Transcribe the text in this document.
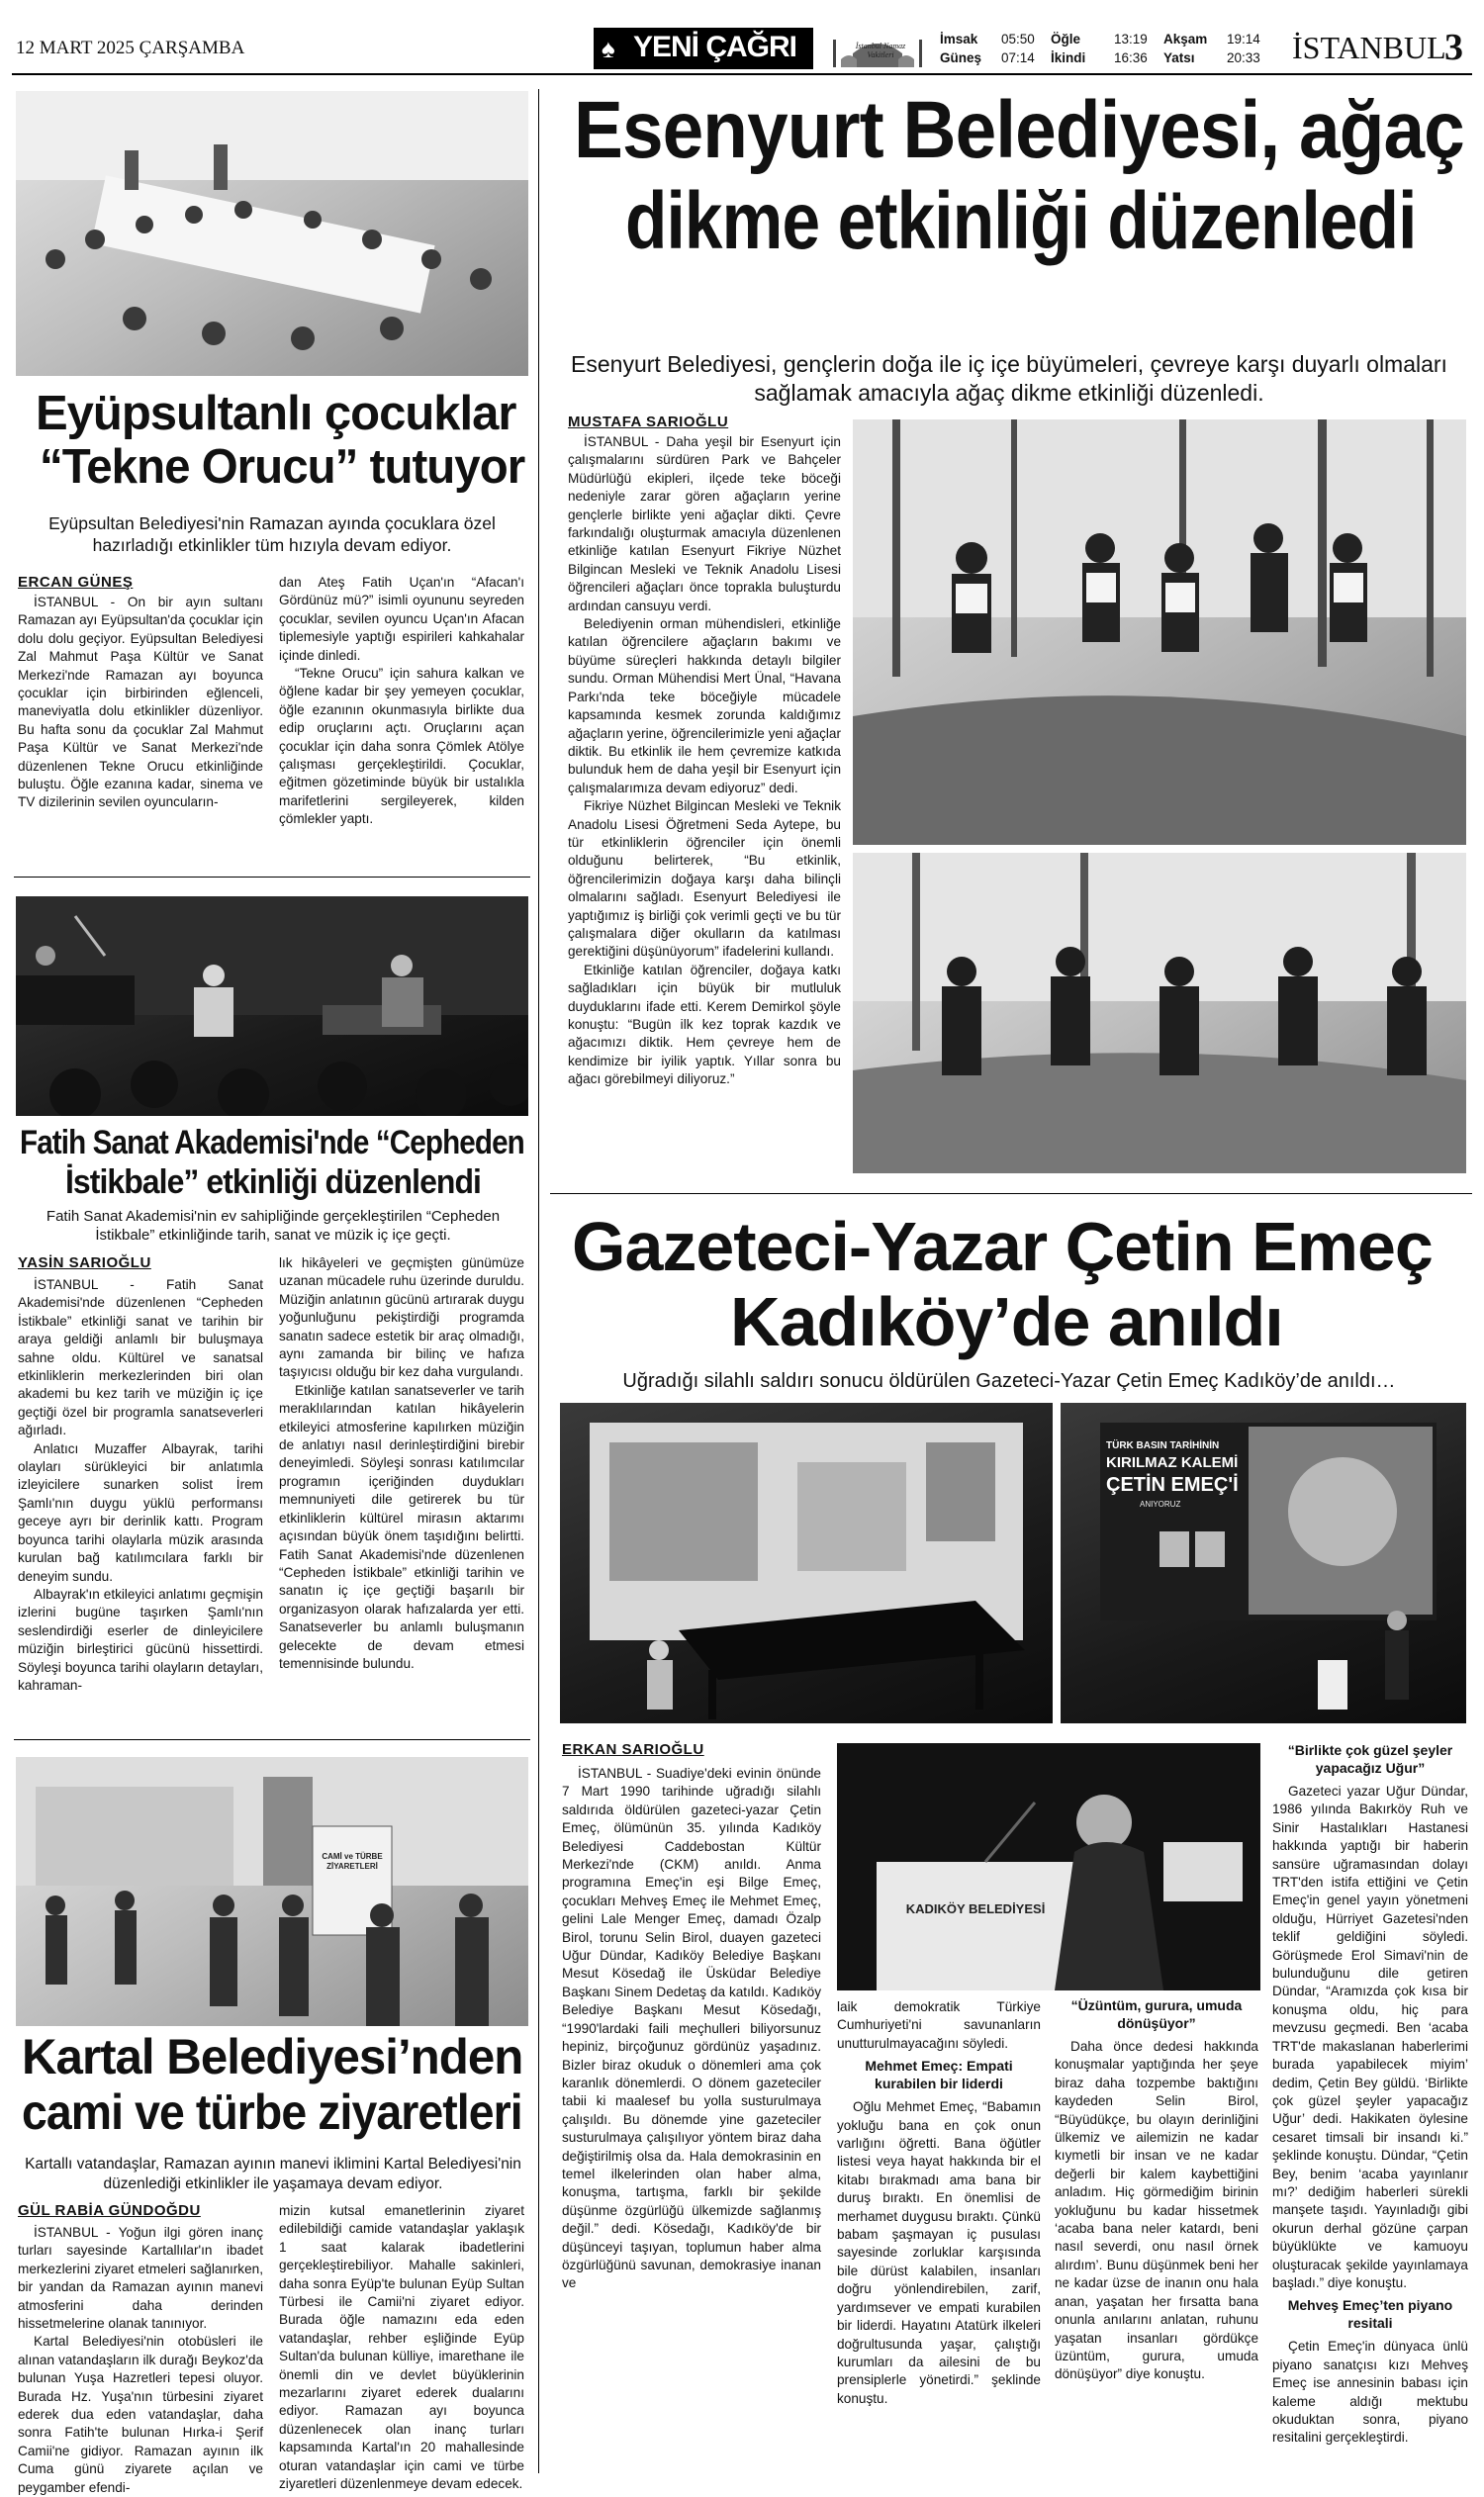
12 MART 2025 ÇARŞAMBA	♠ YENİ ÇAĞRI	İstanbul Namaz Vakitleri
İmsak 05:50 Öğle	13:19 Akşam 19:14
Güneş 07:14 İkindi 16:36 Yatsı 20:33 İSTANBUL
3
Eyüpsultanlı çocuklar
“Tekne Orucu” tutuyor
Eyüpsultan Belediyesi'nin Ramazan ayında çocuklara özel hazırladığı etkinlikler tüm hızıyla devam ediyor.
ERCAN GÜNEŞ

İSTANBUL - On bir ayın sultanı Ramazan ayı Eyüpsultan'da çocuklar için dolu dolu geçiyor. Eyüpsultan Belediyesi Zal Mahmut Paşa Kültür ve Sanat Merkezi'nde Ramazan ayı boyunca çocuklar için birbirinden eğlenceli, maneviyatla dolu etkinlikler düzenliyor. Bu hafta sonu da çocuklar Zal Mahmut Paşa Kültür ve Sanat Merkezi'nde düzenlenen Tekne Orucu etkinliğinde buluştu. Öğle ezanına kadar, sinema ve TV dizilerinin sevilen oyuncuların-

dan Ateş Fatih Uçan'ın “Afacan'ı Gördünüz mü?” isimli oyununu seyreden çocuklar, sevilen oyuncu Uçan'ın Afacan tiplemesiyle yaptığı espirileri kahkahalar içinde dinledi.

“Tekne Orucu” için sahura kalkan ve öğlene kadar bir şey yemeyen çocuklar, öğle ezanının okunmasıyla birlikte dua edip oruçlarını açtı. Oruçlarını açan çocuklar için daha sonra Çömlek Atölye çalışması gerçekleştirildi. Çocuklar, eğitmen gözetiminde büyük bir ustalıkla marifetlerini sergileyerek, kilden çömlekler yaptı.

Fatih Sanat Akademisi'nde “Cepheden
İstikbale” etkinliği düzenlendi
Fatih Sanat Akademisi'nin ev sahipliğinde gerçekleştirilen “Cepheden İstikbale” etkinliğinde tarih, sanat ve müzik iç içe geçti.
YASİN SARIOĞLU

İSTANBUL - Fatih Sanat Akademisi'nde düzenlenen “Cepheden İstikbale” etkinliği sanat ve tarihin bir araya geldiği anlamlı bir buluşmaya sahne oldu. Kültürel ve sanatsal etkinliklerin merkezlerinden biri olan akademi bu kez tarih ve müziğin iç içe geçtiği özel bir programla sanatseverleri ağırladı.

Anlatıcı Muzaffer Albayrak, tarihi olayları sürükleyici bir anlatımla izleyicilere sunarken solist İrem Şamlı'nın duygu yüklü performansı geceye ayrı bir derinlik kattı. Program boyunca tarihi olaylarla müzik arasında kurulan bağ katılımcılara farklı bir deneyim sundu.

Albayrak'ın etkileyici anlatımı geçmişin izlerini bugüne taşırken Şamlı'nın seslendirdiği eserler de dinleyicilere müziğin birleştirici gücünü hissettirdi. Söyleşi boyunca tarihi olayların detayları, kahraman-

lık hikâyeleri ve geçmişten günümüze uzanan mücadele ruhu üzerinde duruldu. Müziğin anlatının gücünü artırarak duygu yoğunluğunu pekiştirdiği programda sanatın sadece estetik bir araç olmadığı, aynı zamanda bir bilinç ve hafıza taşıyıcısı olduğu bir kez daha vurgulandı.

Etkinliğe katılan sanatseverler ve tarih meraklılarından katılan hikâyelerin etkileyici atmosferine kapılırken müziğin de anlatıyı nasıl derinleştirdiğini birebir deneyimledi. Söyleşi sonrası katılımcılar programın içeriğinden duydukları memnuniyeti dile getirerek bu tür etkinliklerin kültürel mirasın aktarımı açısından büyük önem taşıdığını belirtti. Fatih Sanat Akademisi'nde düzenlenen “Cepheden İstikbale” etkinliği tarihin ve sanatın iç içe geçtiği başarılı bir organizasyon olarak hafızalarda yer etti. Sanatseverler bu anlamlı buluşmanın gelecekte de devam etmesi temennisinde bulundu.

CAMİ ve TÜRBE ZİYARETLERİ
Kartal Belediyesi’nden
cami ve türbe ziyaretleri
Kartallı vatandaşlar, Ramazan ayının manevi iklimini Kartal Belediyesi'nin düzenlediği etkinlikler ile yaşamaya devam ediyor.
GÜL RABİA GÜNDOĞDU

İSTANBUL - Yoğun ilgi gören inanç turları sayesinde Kartallılar'ın ibadet merkezlerini ziyaret etmeleri sağlanırken, bir yandan da Ramazan ayının manevi atmosferini daha derinden hissetmelerine olanak tanınıyor.

Kartal Belediyesi'nin otobüsleri ile alınan vatandaşların ilk durağı Beykoz'da bulunan Yuşa Hazretleri tepesi oluyor. Burada Hz. Yuşa'nın türbesini ziyaret ederek dua eden vatandaşlar, daha sonra Fatih'te bulunan Hırka-i Şerif Camii'ne gidiyor. Ramazan ayının ilk Cuma günü ziyarete açılan ve peygamber efendi-

mizin kutsal emanetlerinin ziyaret edilebildiği camide vatandaşlar yaklaşık 1 saat kalarak ibadetlerini gerçekleştirebiliyor. Mahalle sakinleri, daha sonra Eyüp'te bulunan Eyüp Sultan Türbesi ile Camii'ni ziyaret ediyor. Burada öğle namazını eda eden vatandaşlar, rehber eşliğinde Eyüp Sultan'da bulunan külliye, imarethane ile önemli din ve devlet büyüklerinin mezarlarını ziyaret ederek dualarını ediyor. Ramazan ayı boyunca düzenlenecek olan inanç turları kapsamında Kartal'ın 20 mahallesinde oturan vatandaşlar için cami ve türbe ziyaretleri düzenlenmeye devam edecek.

Esenyurt Belediyesi, ağaç
dikme etkinliği düzenledi
Esenyurt Belediyesi, gençlerin doğa ile iç içe büyümeleri, çevreye karşı duyarlı olmaları sağlamak amacıyla ağaç dikme etkinliği düzenledi.
MUSTAFA SARIOĞLU

İSTANBUL - Daha yeşil bir Esenyurt için çalışmalarını sürdüren Park ve Bahçeler Müdürlüğü ekipleri, ilçede teke böceği nedeniyle zarar gören ağaçların yerine gençlerle birlikte yeni ağaçlar dikti. Çevre farkındalığı oluşturmak amacıyla düzenlenen etkinliğe katılan Esenyurt Fikriye Nüzhet Bilgincan Mesleki ve Teknik Anadolu Lisesi öğrencileri ağaçları önce toprakla buluşturdu ardından cansuyu verdi.

Belediyenin orman mühendisleri, etkinliğe katılan öğrencilere ağaçların bakımı ve büyüme süreçleri hakkında detaylı bilgiler sundu. Orman Mühendisi Mert Ünal, “Havana Parkı'nda teke böceğiyle mücadele kapsamında kesmek zorunda kaldığımız ağaçların yerine, öğrencilerimizle yeni ağaçlar diktik. Bu etkinlik ile hem çevremize katkıda bulunduk hem de daha yeşil bir Esenyurt için çalışmalarımıza devam ediyoruz” dedi.

Fikriye Nüzhet Bilgincan Mesleki ve Teknik Anadolu Lisesi Öğretmeni Seda Aytepe, bu tür etkinliklerin öğrenciler için önemli olduğunu belirterek, “Bu etkinlik, öğrencilerimizin doğaya karşı daha bilinçli olmalarını sağladı. Esenyurt Belediyesi ile yaptığımız iş birliği çok verimli geçti ve bu tür çalışmalara diğer okulların da katılması gerektiğini düşünüyorum” ifadelerini kullandı.

Etkinliğe katılan öğrenciler, doğaya katkı sağladıkları için büyük bir mutluluk duyduklarını ifade etti. Kerem Demirkol şöyle konuştu: “Bugün ilk kez toprak kazdık ve ağacımızı diktik. Hem çevreye hem de kendimize bir iyilik yaptık. Yıllar sonra bu ağacı görebilmeyi diliyoruz.”

Gazeteci-Yazar Çetin Emeç
Kadıköy’de anıldı
Uğradığı silahlı saldırı sonucu öldürülen Gazeteci-Yazar Çetin Emeç Kadıköy’de anıldı…
TÜRK BASIN TARİHİNİN
KIRILMAZ KALEMİ
ÇETİN EMEÇ'İ
ANIYORUZ
ERKAN SARIOĞLU

İSTANBUL - Suadiye'deki evinin önünde 7 Mart 1990 tarihinde uğradığı silahlı saldırıda öldürülen gazeteci-yazar Çetin Emeç, ölümünün 35. yılında Kadıköy Belediyesi Caddebostan Kültür Merkezi'nde (CKM) anıldı. Anma programına Emeç'in eşi Bilge Emeç, çocukları Mehveş Emeç ile Mehmet Emeç, gelini Lale Menger Emeç, damadı Özalp Birol, torunu Selin Birol, duayen gazeteci Uğur Dündar, Kadıköy Belediye Başkanı Mesut Kösedağ ile Üsküdar Belediye Başkanı Sinem Dedetaş da katıldı. Kadıköy Belediye Başkanı Mesut Kösedağı, “1990'lardaki faili meçhulleri biliyorsunuz hepiniz, birçoğunuz gördünüz yaşadınız. Bizler biraz okuduk o dönemleri ama çok karanlık dönemlerdi. O dönem gazeteciler tabii ki maalesef bu yolla susturulmaya çalışıldı. Bu dönemde yine gazeteciler susturulmaya çalışılıyor yöntem biraz daha değiştirilmiş olsa da. Hala demokrasinin en temel ilkelerinden olan haber alma, konuşma, tartışma, farklı bir şekilde düşünme özgürlüğü ülkemizde sağlanmış değil.” dedi. Kösedağı, Kadıköy'de bir düşünceyi taşıyan, toplumun haber alma özgürlüğünü savunan, demokrasiye inanan ve

KADIKÖY BELEDİYESİ

laik demokratik Türkiye Cumhuriyeti'ni savunanların unutturulmayacağını söyledi.

Mehmet Emeç: Empati kurabilen bir liderdi

Oğlu Mehmet Emeç, “Babamın yokluğu bana en çok onun varlığını öğretti. Bana öğütler listesi veya hayat hakkında bir el kitabı bırakmadı ama bana bir duruş bıraktı. En önemlisi de merhamet duygusu bıraktı. Çünkü babam şaşmayan iç pusulası sayesinde zorluklar karşısında bile dürüst kalabilen, insanları doğru yönlendirebilen, zarif, yardımsever ve empati kurabilen bir liderdi. Hayatını Atatürk ilkeleri doğrultusunda yaşar, çalıştığı kurumları da ailesini de bu prensiplerle yönetirdi.” şeklinde konuştu.

“Üzüntüm, gurura, umuda dönüşüyor”

Daha önce dedesi hakkında konuşmalar yaptığında her şeye biraz daha tozpembe baktığını kaydeden Selin Birol, “Büyüdükçe, bu olayın derinliğini ülkemiz ve ailemizin ne kadar kıymetli bir insan ve ne kadar değerli bir kalem kaybettiğini anladım. Hiç görmediğim birinin yokluğunu bu kadar hissetmek ‘acaba bana neler katardı, beni nasıl severdi, onu nasıl örnek alırdım’. Bunu düşünmek beni her ne kadar üzse de inanın onu hala anan, yaşatan her fırsatta bana onunla anılarını anlatan, ruhunu yaşatan insanları gördükçe üzüntüm, gurura, umuda dönüşüyor” diye konuştu.

“Birlikte çok güzel şeyler yapacağız Uğur”

Gazeteci yazar Uğur Dündar, 1986 yılında Bakırköy Ruh ve Sinir Hastalıkları Hastanesi hakkında yaptığı bir haberin sansüre uğramasından dolayı TRT'den istifa ettiğini ve Çetin Emeç'in genel yayın yönetmeni olduğu, Hürriyet Gazetesi'nden teklif geldiğini söyledi. Görüşmede Erol Simavi'nin de bulunduğunu dile getiren Dündar, “Aramızda çok kısa bir konuşma oldu, hiç para mevzusu geçmedi. Ben ‘acaba TRT'de makaslanan haberlerimi burada yapabilecek miyim’ dedim, Çetin Bey güldü. ‘Birlikte çok güzel şeyler yapacağız Uğur’ dedi. Hakikaten öylesine cesaret timsali bir insandı ki.” şeklinde konuştu. Dündar, “Çetin Bey, benim ‘acaba yayınlanır mı?’ dediğim haberleri sürekli manşete taşıdı. Yayınladığı gibi okurun derhal gözüne çarpan büyüklükte ve kamuoyu oluşturacak şekilde yayınlamaya başladı.” diye konuştu.

Mehveş Emeç’ten piyano resitali

Çetin Emeç'in dünyaca ünlü piyano sanatçısı kızı Mehveş Emeç ise annesinin babası için kaleme aldığı mektubu okuduktan sonra, piyano resitalini gerçekleştirdi.
